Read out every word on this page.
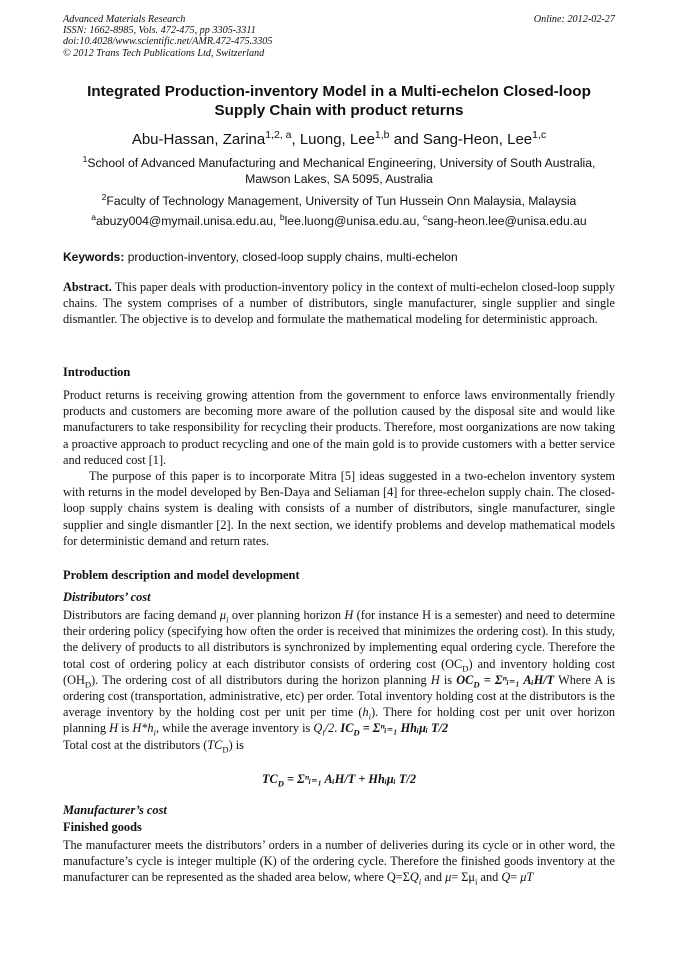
Advanced Materials Research
ISSN: 1662-8985, Vols. 472-475, pp 3305-3311
doi:10.4028/www.scientific.net/AMR.472-475.3305
© 2012 Trans Tech Publications Ltd, Switzerland
Online: 2012-02-27
Integrated Production-inventory Model in a Multi-echelon Closed-loop Supply Chain with product returns
Abu-Hassan, Zarina$^{1,2, a}$, Luong, Lee$^{1,b}$ and Sang-Heon, Lee$^{1,c}$
$^1$School of Advanced Manufacturing and Mechanical Engineering, University of South Australia, Mawson Lakes, SA 5095, Australia
$^2$Faculty of Technology Management, University of Tun Hussein Onn Malaysia, Malaysia
$^a$abuzy004@mymail.unisa.edu.au, $^b$lee.luong@unisa.edu.au, $^c$sang-heon.lee@unisa.edu.au
Keywords: production-inventory, closed-loop supply chains, multi-echelon
Abstract. This paper deals with production-inventory policy in the context of multi-echelon closed-loop supply chains. The system comprises of a number of distributors, single manufacturer, single supplier and single dismantler. The objective is to develop and formulate the mathematical modeling for deterministic approach.
Introduction
Product returns is receiving growing attention from the government to enforce laws environmentally friendly products and customers are becoming more aware of the pollution caused by the disposal site and would like manufacturers to take responsibility for recycling their products. Therefore, most oorganizations are now taking a proactive approach to product recycling and one of the main gold is to provide customers with a better service and reduced cost [1].
The purpose of this paper is to incorporate Mitra [5] ideas suggested in a two-echelon inventory system with returns in the model developed by Ben-Daya and Seliaman [4] for three-echelon supply chain. The closed-loop supply chains system is dealing with consists of a number of distributors, single manufacturer, single supplier and single dismantler [2]. In the next section, we identify problems and develop mathematical models for deterministic demand and return rates.
Problem description and model development
Distributors’ cost
Distributors are facing demand $\mu_i$ over planning horizon H (for instance H is a semester) and need to determine their ordering policy (specifying how often the order is received that minimizes the ordering cost). In this study, the delivery of products to all distributors is synchronized by implementing equal ordering cycle. Therefore the total cost of ordering policy at each distributor consists of ordering cost $(OC_D)$ and inventory holding cost $(OH_D)$. The ordering cost of all distributors during the horizon planning H is $OC_D$ = Σⁿᵢ₌₁ AᵢH/T Where A is ordering cost (transportation, administrative, etc) per order. Total inventory holding cost at the distributors is the average inventory by the holding cost per unit per time $(h_i)$. There for holding cost per unit over horizon planning H is $H*h_i$, while the average inventory is $Q_i/2$. $IC_D$ = Σⁿᵢ₌₁ Hhᵢμᵢ T/2
Total cost at the distributors $(TC_D)$ is
$TC_D$ = Σⁿᵢ₌₁ AᵢH/T + Hhᵢμᵢ T/2
Manufacturer’s cost
Finished goods
The manufacturer meets the distributors’ orders in a number of deliveries during its cycle or in other word, the manufacture’s cycle is integer multiple (K) of the ordering cycle. Therefore the finished goods inventory at the manufacturer can be represented as the shaded area below, where $Q=\Sigma Q_i$ and $\mu= \Sigma\mu_i$ and Q= μT
